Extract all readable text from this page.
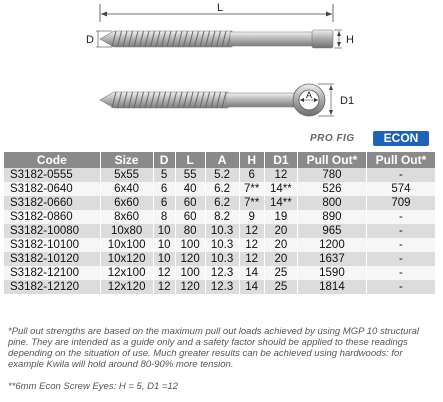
L
D	H
A	D1
PRO FIG	ECON
Code	Size	D	L	A	H	D1	Pull Out*	Pull Out*
S3182-0555	5x55	5	55	5.2	6	12	780	-
S3182-0640	6x40	6	40	6.2	7**	14**	526	574
S3182-0660	6x60	6	60	6.2	7**	14**	800	709
S3182-0860	8x60	8	60	8.2	9	19	890	-
S3182-10080	10x80	10	80	10.3	12	20	965	-
S3182-10100	10x100	10	100	10.3	12	20	1200	-
S3182-10120	10x120	10	120	10.3	12	20	1637	-
S3182-12100	12x100	12	100	12.3	14	25	1590	-
S3182-12120	12x120	12	120	12.3	14	25	1814	-

*Pull out strengths are based on the maximum pull out loads achieved by using MGP 10 structural pine. They are intended as a guide only and a safety factor should be applied to these readings depending on the situation of use. Much greater results can be achieved using hardwoods: for example Kwila will hold around 80-90% more tension.

**6mm Econ Screw Eyes: H = 5, D1 =12
